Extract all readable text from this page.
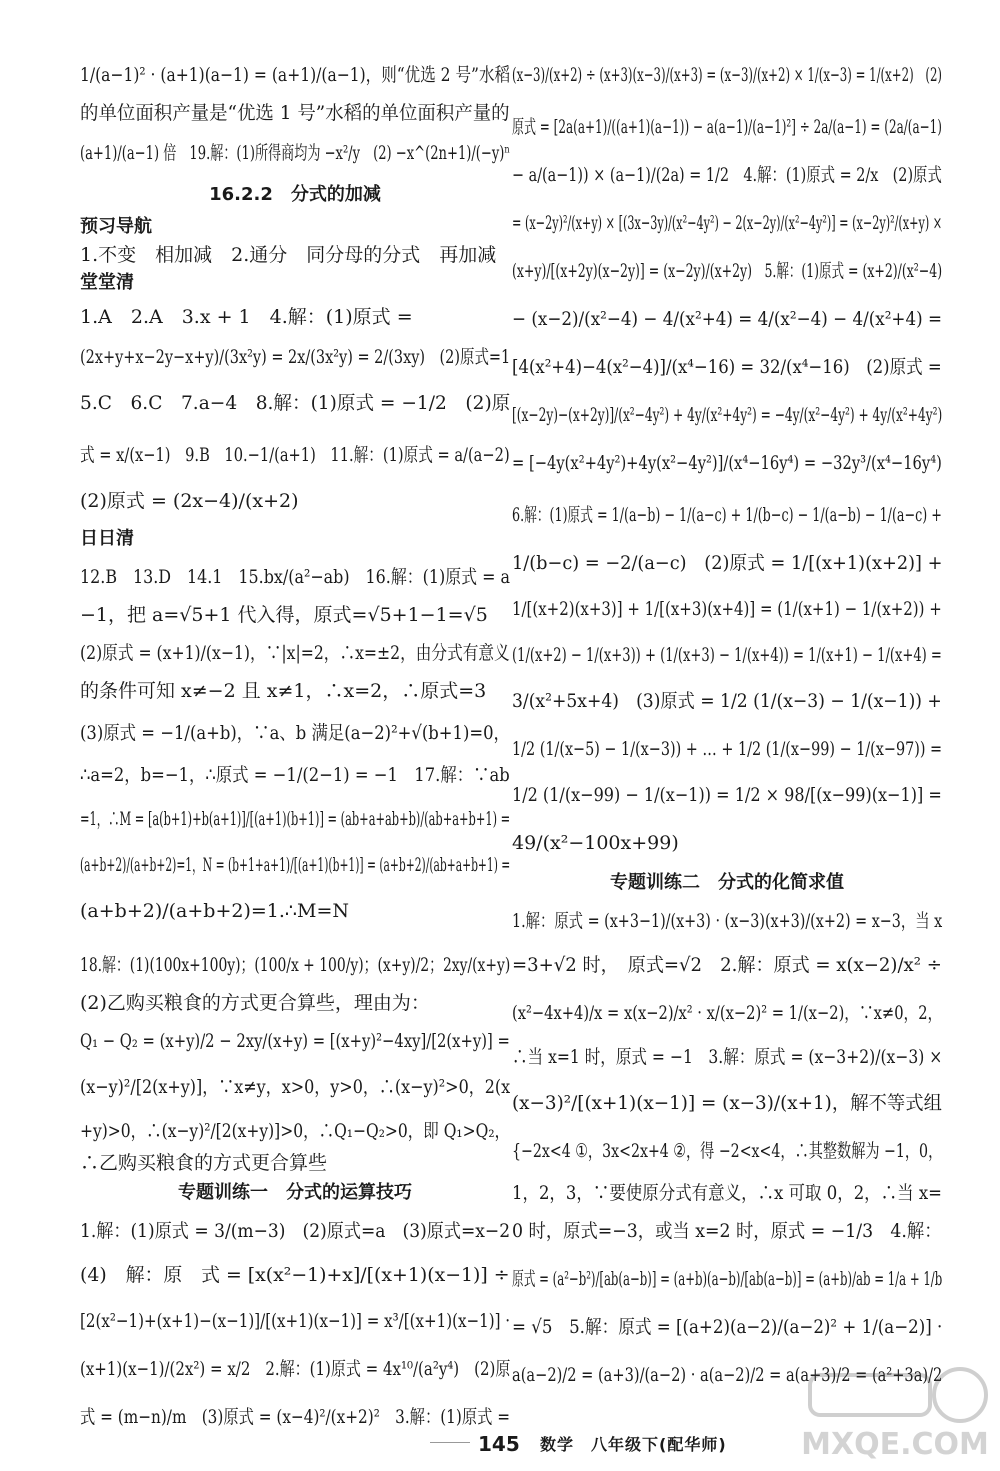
1/(a−1)² · (a+1)(a−1) = (a+1)/(a−1)，则“优选 2 号”水稻
的单位面积产量是“优选 1 号”水稻的单位面积产量的
(a+1)/(a−1) 倍　19.解：(1)所得商均为 −x²/y　(2) −x^(2n+1)/(−y)ⁿ
16.2.2　分式的加减
预习导航
1.不变　相加减　2.通分　同分母的分式　再加减
堂堂清
1.A　2.A　3.x + 1　4.解：(1)原式 =
(2x+y+x−2y−x+y)/(3x²y) = 2x/(3x²y) = 2/(3xy)　(2)原式=1
5.C　6.C　7.a−4　8.解：(1)原式 = −1/2　(2)原
式 = x/(x−1)　9.B　10.−1/(a+1)　11.解：(1)原式 = a/(a−2)
(2)原式 = (2x−4)/(x+2)
日日清
12.B　13.D　14.1　15.bx/(a²−ab)　16.解：(1)原式 = a
−1，把 a=√5+1 代入得，原式=√5+1−1=√5
(2)原式 = (x+1)/(x−1)，∵|x|=2，∴x=±2，由分式有意义
的条件可知 x≠−2 且 x≠1，∴x=2，∴原式=3
(3)原式 = −1/(a+b)，∵a、b 满足(a−2)²+√(b+1)=0，
∴a=2，b=−1，∴原式 = −1/(2−1) = −1　17.解：∵ab
=1，∴M = [a(b+1)+b(a+1)]/[(a+1)(b+1)] = (ab+a+ab+b)/(ab+a+b+1) =
(a+b+2)/(a+b+2)=1，N = (b+1+a+1)/[(a+1)(b+1)] = (a+b+2)/(ab+a+b+1) =
(a+b+2)/(a+b+2)=1.∴M=N
18.解：(1)(100x+100y)；(100/x + 100/y)；(x+y)/2；2xy/(x+y)
(2)乙购买粮食的方式更合算些，理由为：
Q₁ − Q₂ = (x+y)/2 − 2xy/(x+y) = [(x+y)²−4xy]/[2(x+y)] =
(x−y)²/[2(x+y)]，∵x≠y，x>0，y>0，∴(x−y)²>0，2(x
+y)>0，∴(x−y)²/[2(x+y)]>0，∴Q₁−Q₂>0，即 Q₁>Q₂，
∴乙购买粮食的方式更合算些
专题训练一　分式的运算技巧
1.解：(1)原式 = 3/(m−3)　(2)原式=a　(3)原式=x−2
(4)　解：原　式 = [x(x²−1)+x]/[(x+1)(x−1)] ÷
[2(x²−1)+(x+1)−(x−1)]/[(x+1)(x−1)] = x³/[(x+1)(x−1)] ·
(x+1)(x−1)/(2x²) = x/2　2.解：(1)原式 = 4x¹⁰/(a²y⁴)　(2)原
式 = (m−n)/m　(3)原式 = (x−4)²/(x+2)²　3.解：(1)原式 =
(x−3)/(x+2) ÷ (x+3)(x−3)/(x+3) = (x−3)/(x+2) × 1/(x−3) = 1/(x+2)　(2)
原式 = [2a(a+1)/((a+1)(a−1)) − a(a−1)/(a−1)²] ÷ 2a/(a−1) = (2a/(a−1)
− a/(a−1)) × (a−1)/(2a) = 1/2　4.解：(1)原式 = 2/x　(2)原式
= (x−2y)²/(x+y) × [(3x−3y)/(x²−4y²) − 2(x−2y)/(x²−4y²)] = (x−2y)²/(x+y) ×
(x+y)/[(x+2y)(x−2y)] = (x−2y)/(x+2y)　5.解：(1)原式 = (x+2)/(x²−4)
− (x−2)/(x²−4) − 4/(x²+4) = 4/(x²−4) − 4/(x²+4) =
[4(x²+4)−4(x²−4)]/(x⁴−16) = 32/(x⁴−16)　(2)原式 =
[(x−2y)−(x+2y)]/(x²−4y²) + 4y/(x²+4y²) = −4y/(x²−4y²) + 4y/(x²+4y²)
= [−4y(x²+4y²)+4y(x²−4y²)]/(x⁴−16y⁴) = −32y³/(x⁴−16y⁴)
6.解：(1)原式 = 1/(a−b) − 1/(a−c) + 1/(b−c) − 1/(a−b) − 1/(a−c) +
1/(b−c) = −2/(a−c)　(2)原式 = 1/[(x+1)(x+2)] +
1/[(x+2)(x+3)] + 1/[(x+3)(x+4)] = (1/(x+1) − 1/(x+2)) +
(1/(x+2) − 1/(x+3)) + (1/(x+3) − 1/(x+4)) = 1/(x+1) − 1/(x+4) =
3/(x²+5x+4)　(3)原式 = 1/2 (1/(x−3) − 1/(x−1)) +
1/2 (1/(x−5) − 1/(x−3)) + … + 1/2 (1/(x−99) − 1/(x−97)) =
1/2 (1/(x−99) − 1/(x−1)) = 1/2 × 98/[(x−99)(x−1)] =
49/(x²−100x+99)
专题训练二　分式的化简求值
1.解：原式 = (x+3−1)/(x+3) · (x−3)(x+3)/(x+2) = x−3，当 x
=3+√2 时，　原式=√2　2.解：原式 = x(x−2)/x² ÷
(x²−4x+4)/x = x(x−2)/x² · x/(x−2)² = 1/(x−2)，∵x≠0，2，
∴当 x=1 时，原式 = −1　3.解：原式 = (x−3+2)/(x−3) ×
(x−3)²/[(x+1)(x−1)] = (x−3)/(x+1)，解不等式组
{−2x<4 ①，3x<2x+4 ②，得 −2<x<4，∴其整数解为 −1，0，
1，2，3，∵要使原分式有意义，∴x 可取 0，2，∴当 x=
0 时，原式=−3，或当 x=2 时，原式 = −1/3　4.解：
原式 = (a²−b²)/[ab(a−b)] = (a+b)(a−b)/[ab(a−b)] = (a+b)/ab = 1/a + 1/b
= √5　5.解：原式 = [(a+2)(a−2)/(a−2)² + 1/(a−2)] ·
a(a−2)/2 = (a+3)/(a−2) · a(a−2)/2 = a(a+3)/2 = (a²+3a)/2
145 数学　八年级下(配华师) MXQE.COM
